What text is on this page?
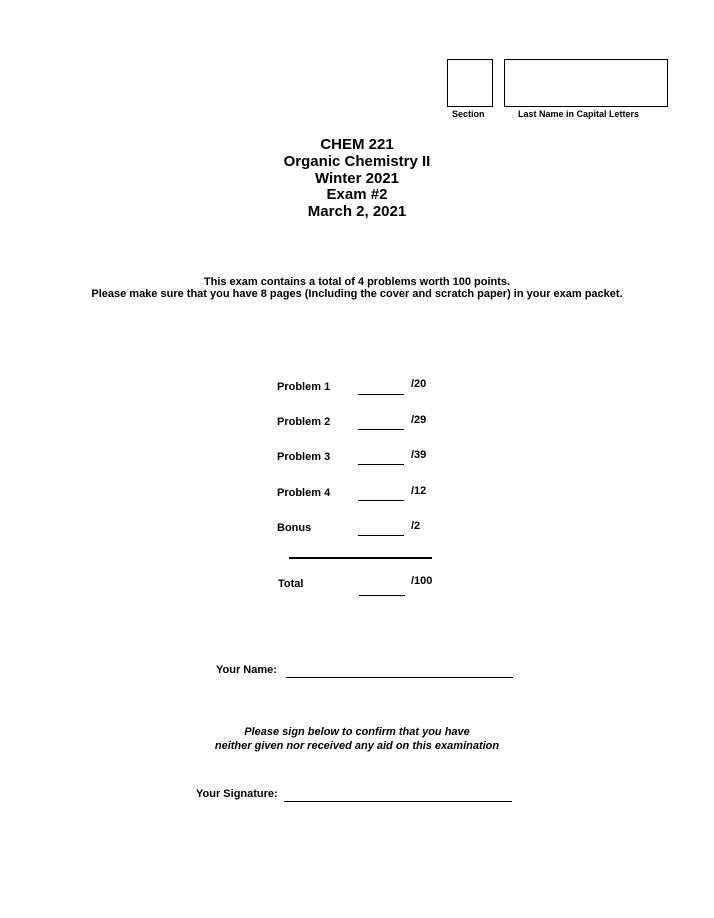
Section	Last Name in Capital Letters
CHEM 221
Organic Chemistry II
Winter 2021
Exam #2
March 2, 2021
This exam contains a total of 4 problems worth 100 points.
Please make sure that you have 8 pages (Including the cover and scratch paper) in your exam packet.
Problem 1	/20
Problem 2	/29
Problem 3	/39
Problem 4	/12
Bonus	/2
Total	/100
Your Name:
Please sign below to confirm that you have
neither given nor received any aid on this examination
Your Signature:
